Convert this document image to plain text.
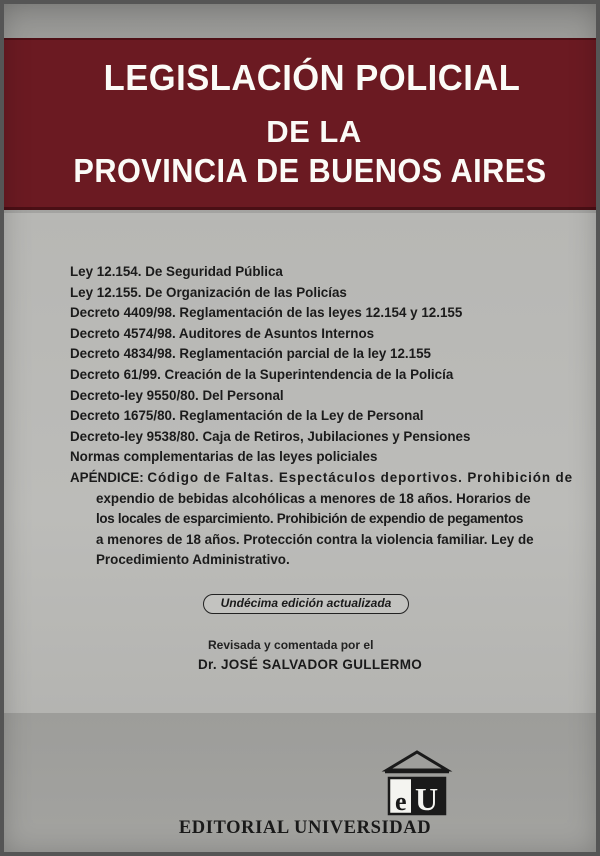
LEGISLACIÓN POLICIAL
DE LA
PROVINCIA DE BUENOS AIRES
Ley 12.154. De Seguridad Pública
Ley 12.155. De Organización de las Policías
Decreto 4409/98. Reglamentación de las leyes 12.154 y 12.155
Decreto 4574/98. Auditores de Asuntos Internos
Decreto 4834/98. Reglamentación parcial de la ley 12.155
Decreto 61/99. Creación de la Superintendencia de la Policía
Decreto-ley 9550/80. Del Personal
Decreto 1675/80. Reglamentación de la Ley de Personal
Decreto-ley 9538/80. Caja de Retiros, Jubilaciones y Pensiones
Normas complementarias de las leyes policiales
APÉNDICE: Código de Faltas. Espectáculos deportivos. Prohibición de
expendio de bebidas alcohólicas a menores de 18 años. Horarios de
los locales de esparcimiento. Prohibición de expendio de pegamentos
a menores de 18 años. Protección contra la violencia familiar. Ley de
Procedimiento Administrativo.
Undécima edición actualizada
Revisada y comentada por el
Dr. JOSÉ SALVADOR GULLERMO
e U
EDITORIAL UNIVERSIDAD
